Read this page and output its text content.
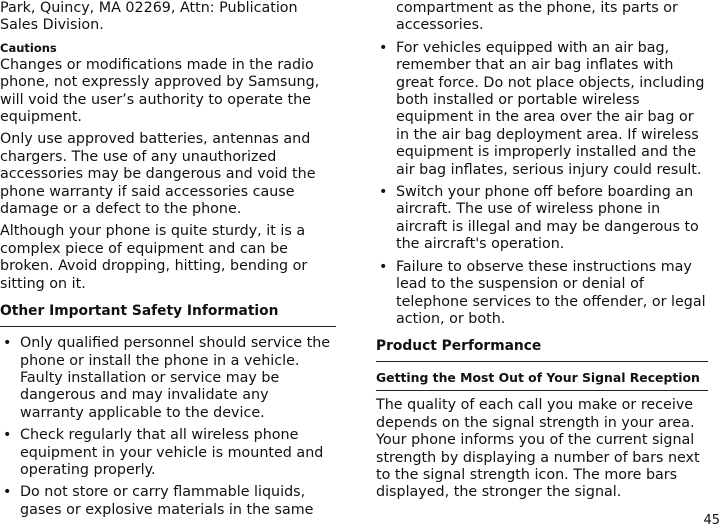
Park, Quincy, MA 02269, Attn: Publication Sales Division.

Cautions

Changes or modifications made in the radio phone, not expressly approved by Samsung, will void the user’s authority to operate the equipment.

Only use approved batteries, antennas and chargers. The use of any unauthorized accessories may be dangerous and void the phone warranty if said accessories cause damage or a defect to the phone.

Although your phone is quite sturdy, it is a complex piece of equipment and can be broken. Avoid dropping, hitting, bending or sitting on it.

Other Important Safety Information
• Only qualified personnel should service the phone or install the phone in a vehicle. Faulty installation or service may be dangerous and may invalidate any warranty applicable to the device.
• Check regularly that all wireless phone equipment in your vehicle is mounted and operating properly.
• Do not store or carry flammable liquids, gases or explosive materials in the same
compartment as the phone, its parts or accessories.
• For vehicles equipped with an air bag, remember that an air bag inflates with great force. Do not place objects, including both installed or portable wireless equipment in the area over the air bag or in the air bag deployment area. If wireless equipment is improperly installed and the air bag inflates, serious injury could result.
• Switch your phone off before boarding an aircraft. The use of wireless phone in aircraft is illegal and may be dangerous to the aircraft's operation.
• Failure to observe these instructions may lead to the suspension or denial of telephone services to the offender, or legal action, or both.
Product Performance
Getting the Most Out of Your Signal Reception

The quality of each call you make or receive depends on the signal strength in your area. Your phone informs you of the current signal strength by displaying a number of bars next to the signal strength icon. The more bars displayed, the stronger the signal.

45
